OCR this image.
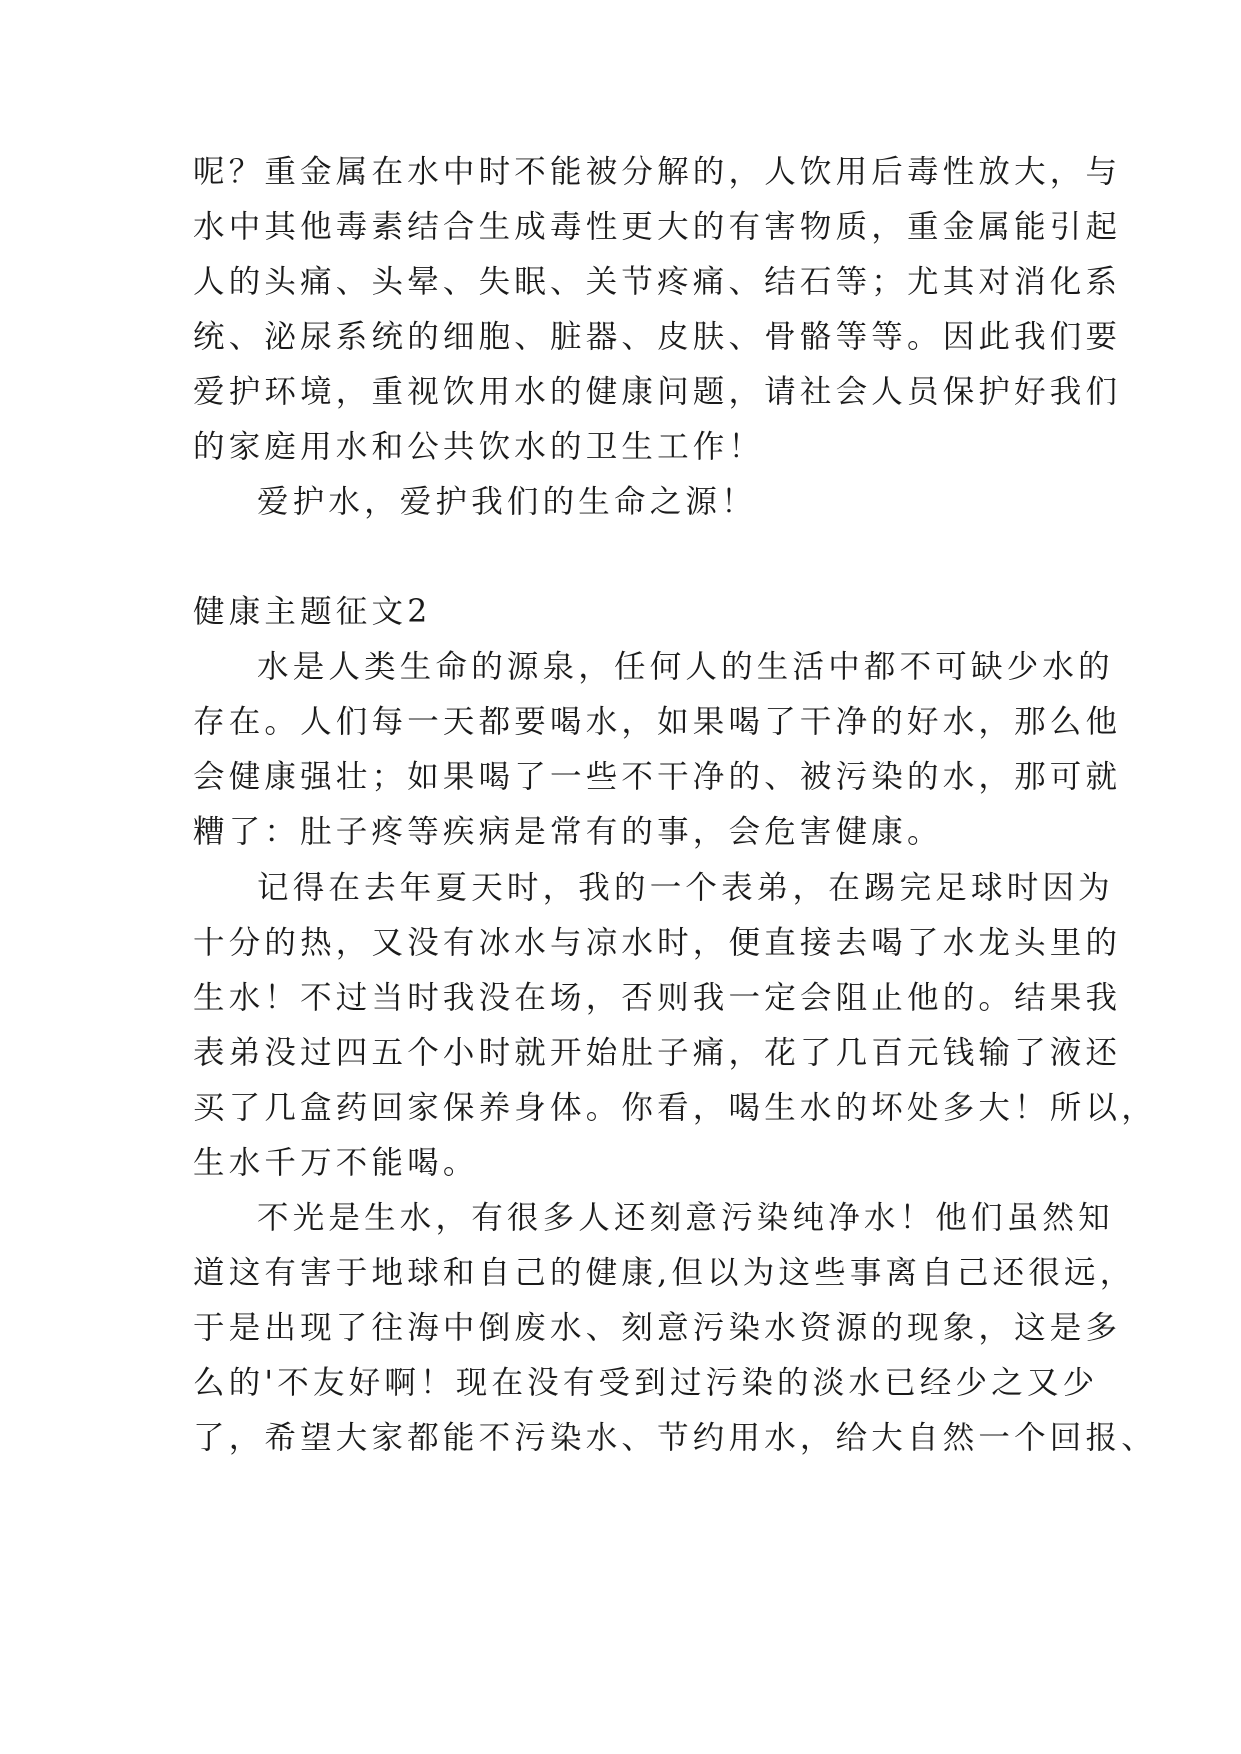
呢？重金属在水中时不能被分解的，人饮用后毒性放大，与
水中其他毒素结合生成毒性更大的有害物质，重金属能引起
人的头痛、头晕、失眠、关节疼痛、结石等；尤其对消化系
统、泌尿系统的细胞、脏器、皮肤、骨骼等等。因此我们要
爱护环境，重视饮用水的健康问题，请社会人员保护好我们
的家庭用水和公共饮水的卫生工作！
爱护水，爱护我们的生命之源！
健康主题征文2
水是人类生命的源泉，任何人的生活中都不可缺少水的
存在。人们每一天都要喝水，如果喝了干净的好水，那么他
会健康强壮；如果喝了一些不干净的、被污染的水，那可就
糟了：肚子疼等疾病是常有的事，会危害健康。
记得在去年夏天时，我的一个表弟，在踢完足球时因为
十分的热，又没有冰水与凉水时，便直接去喝了水龙头里的
生水！不过当时我没在场，否则我一定会阻止他的。结果我
表弟没过四五个小时就开始肚子痛，花了几百元钱输了液还
买了几盒药回家保养身体。你看，喝生水的坏处多大！所以，
生水千万不能喝。
不光是生水，有很多人还刻意污染纯净水！他们虽然知
道这有害于地球和自己的健康,但以为这些事离自己还很远，
于是出现了往海中倒废水、刻意污染水资源的现象，这是多
么的'不友好啊！现在没有受到过污染的淡水已经少之又少
了，希望大家都能不污染水、节约用水，给大自然一个回报、
